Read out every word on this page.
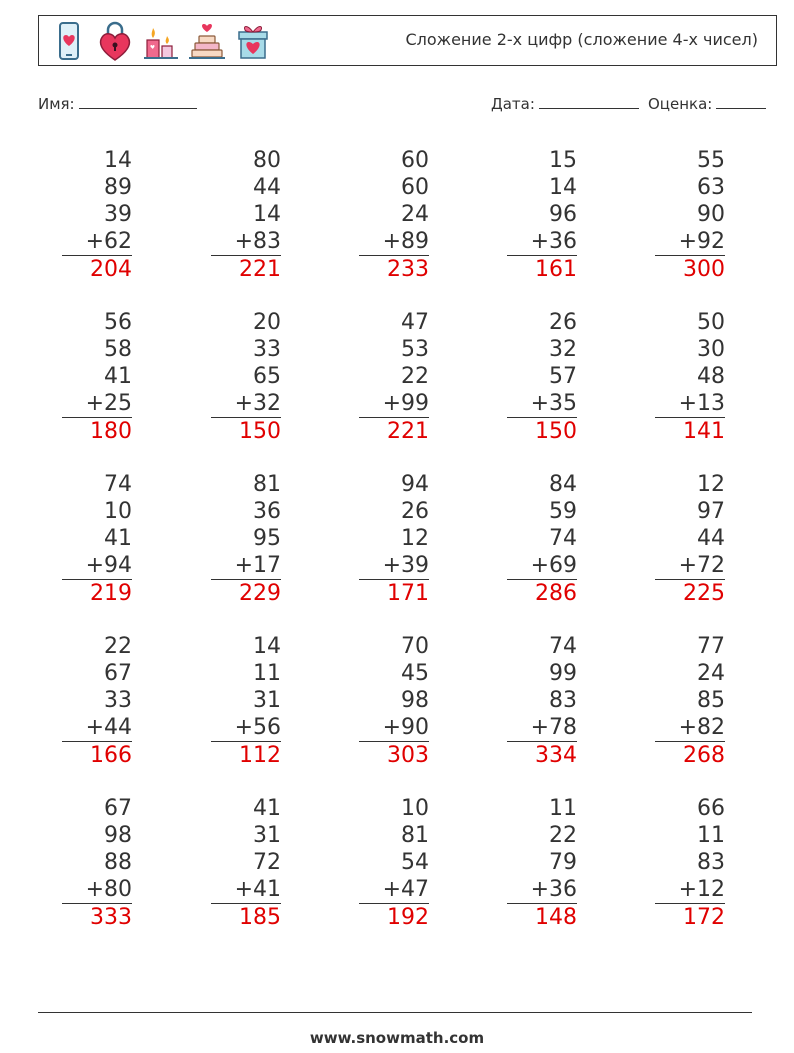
Сложение 2-х цифр (сложение 4-х чисел)
Имя:	Дата:	Оценка:
14
89
39
+62
204
80
44
14
+83
221
60
60
24
+89
233
15
14
96
+36
161
55
63
90
+92
300
56
58
41
+25
180
20
33
65
+32
150
47
53
22
+99
221
26
32
57
+35
150
50
30
48
+13
141
74
10
41
+94
219
81
36
95
+17
229
94
26
12
+39
171
84
59
74
+69
286
12
97
44
+72
225
22
67
33
+44
166
14
11
31
+56
112
70
45
98
+90
303
74
99
83
+78
334
77
24
85
+82
268
67
98
88
+80
333
41
31
72
+41
185
10
81
54
+47
192
11
22
79
+36
148
66
11
83
+12
172
www.snowmath.com
